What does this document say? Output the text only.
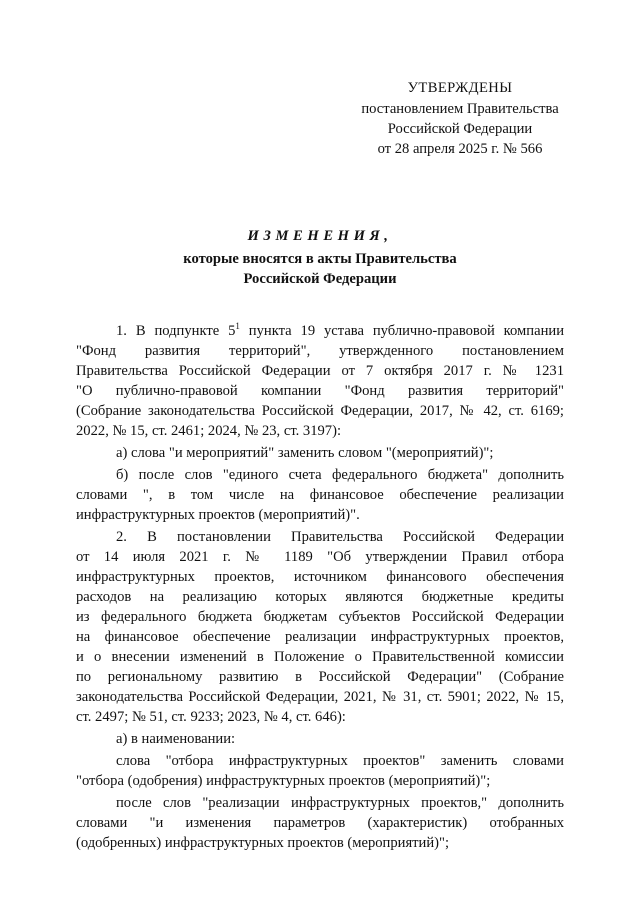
УТВЕРЖДЕНЫ
постановлением Правительства
Российской Федерации
от 28 апреля 2025 г. № 566
ИЗМЕНЕНИЯ,
которые вносятся в акты Правительства
Российской Федерации
1. В подпункте $5^1$ пункта 19 устава публично-правовой компании
"Фонд развития территорий", утвержденного постановлением
Правительства Российской Федерации от 7 октября 2017 г. № 1231
"О публично-правовой компании "Фонд развития территорий"
(Собрание законодательства Российской Федерации, 2017, № 42, ст. 6169;
2022, № 15, ст. 2461; 2024, № 23, ст. 3197):
а) слова "и мероприятий" заменить словом "(мероприятий)";
б) после слов "единого счета федерального бюджета" дополнить
словами ", в том числе на финансовое обеспечение реализации
инфраструктурных проектов (мероприятий)".
2. В постановлении Правительства Российской Федерации
от 14 июля 2021 г. № 1189 "Об утверждении Правил отбора
инфраструктурных проектов, источником финансового обеспечения
расходов на реализацию которых являются бюджетные кредиты
из федерального бюджета бюджетам субъектов Российской Федерации
на финансовое обеспечение реализации инфраструктурных проектов,
и о внесении изменений в Положение о Правительственной комиссии
по региональному развитию в Российской Федерации" (Собрание
законодательства Российской Федерации, 2021, № 31, ст. 5901; 2022, № 15,
ст. 2497; № 51, ст. 9233; 2023, № 4, ст. 646):
а) в наименовании:
слова "отбора инфраструктурных проектов" заменить словами
"отбора (одобрения) инфраструктурных проектов (мероприятий)";
после слов "реализации инфраструктурных проектов," дополнить
словами "и изменения параметров (характеристик) отобранных
(одобренных) инфраструктурных проектов (мероприятий)";
